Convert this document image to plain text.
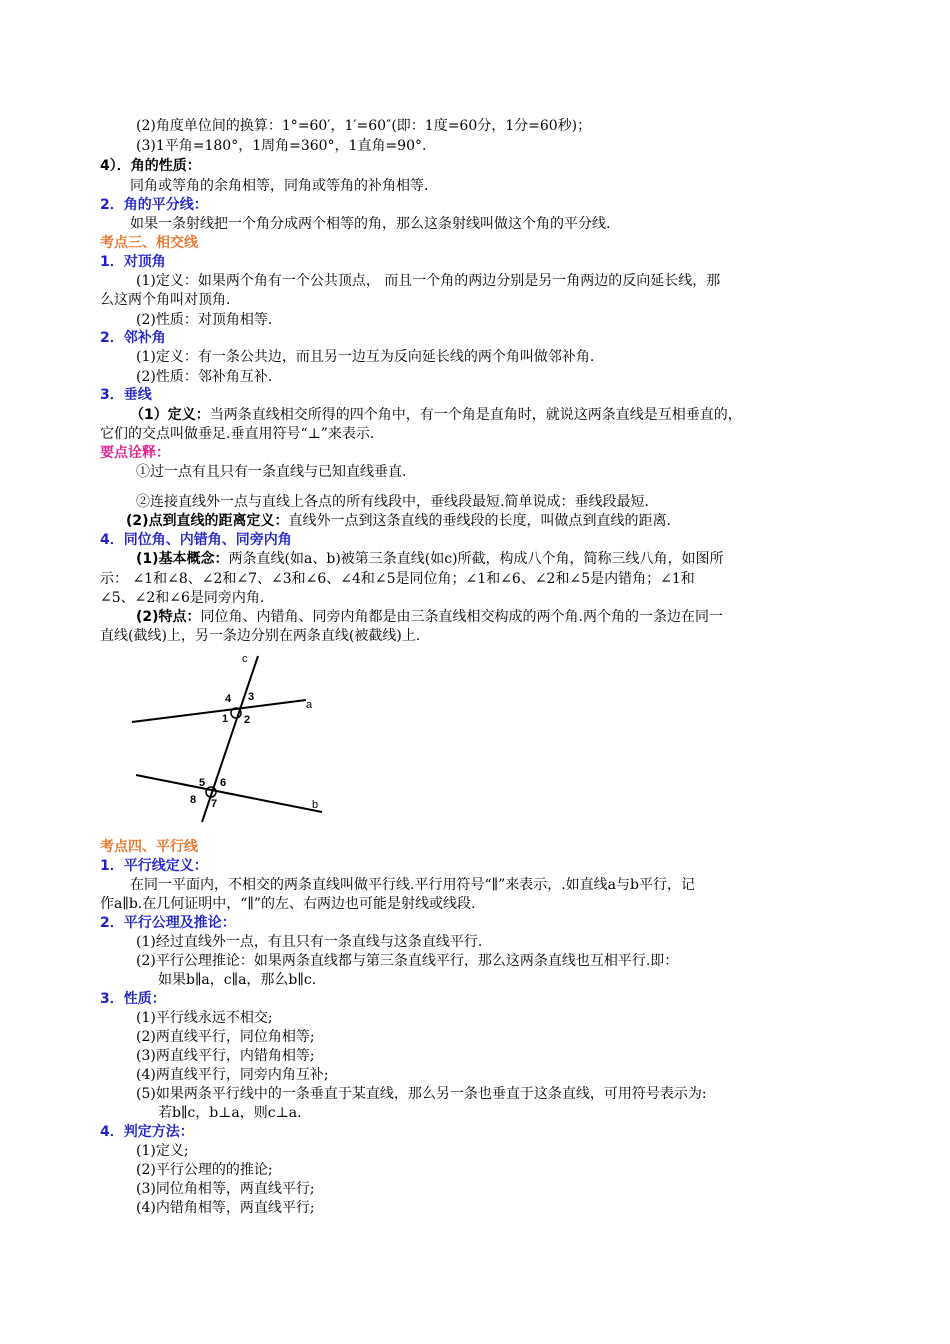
(2)角度单位间的换算：1°=60′，1′=60″(即：1度=60分，1分=60秒)；
(3)1平角=180°，1周角=360°，1直角=90°.
4）．角的性质：
同角或等角的余角相等，同角或等角的补角相等.
2．角的平分线：
如果一条射线把一个角分成两个相等的角，那么这条射线叫做这个角的平分线.
考点三、相交线
1．对顶角
(1)定义：如果两个角有一个公共顶点， 而且一个角的两边分别是另一角两边的反向延长线，那
么这两个角叫对顶角.
(2)性质：对顶角相等.
2．邻补角
(1)定义：有一条公共边，而且另一边互为反向延长线的两个角叫做邻补角.
(2)性质：邻补角互补.
3．垂线
（1）定义：当两条直线相交所得的四个角中，有一个角是直角时，就说这两条直线是互相垂直的，
它们的交点叫做垂足.垂直用符号“⊥”来表示.
要点诠释：
①过一点有且只有一条直线与已知直线垂直.
②连接直线外一点与直线上各点的所有线段中，垂线段最短.简单说成：垂线段最短.
(2)点到直线的距离定义：直线外一点到这条直线的垂线段的长度，叫做点到直线的距离.
4．同位角、内错角、同旁内角
(1)基本概念：两条直线(如a、b)被第三条直线(如c)所截，构成八个角，简称三线八角，如图所
示： ∠1和∠8、∠2和∠7、∠3和∠6、∠4和∠5是同位角；∠1和∠6、∠2和∠5是内错角；∠1和
∠5、∠2和∠6是同旁内角.
(2)特点：同位角、内错角、同旁内角都是由三条直线相交构成的两个角.两个角的一条边在同一
直线(截线)上，另一条边分别在两条直线(被截线)上.
c
a
b
4 3
1 2
5 6
8 7
考点四、平行线
1．平行线定义：
在同一平面内，不相交的两条直线叫做平行线.平行用符号“∥”来表示，.如直线a与b平行，记
作a∥b.在几何证明中，“∥”的左、右两边也可能是射线或线段.
2．平行公理及推论：
(1)经过直线外一点，有且只有一条直线与这条直线平行.
(2)平行公理推论：如果两条直线都与第三条直线平行，那么这两条直线也互相平行.即：
如果b∥a，c∥a，那么b∥c.
3．性质：
(1)平行线永远不相交;
(2)两直线平行，同位角相等;
(3)两直线平行，内错角相等;
(4)两直线平行，同旁内角互补;
(5)如果两条平行线中的一条垂直于某直线，那么另一条也垂直于这条直线，可用符号表示为:
若b∥c，b⊥a，则c⊥a.
4．判定方法：
(1)定义;
(2)平行公理的的推论;
(3)同位角相等，两直线平行;
(4)内错角相等，两直线平行;
